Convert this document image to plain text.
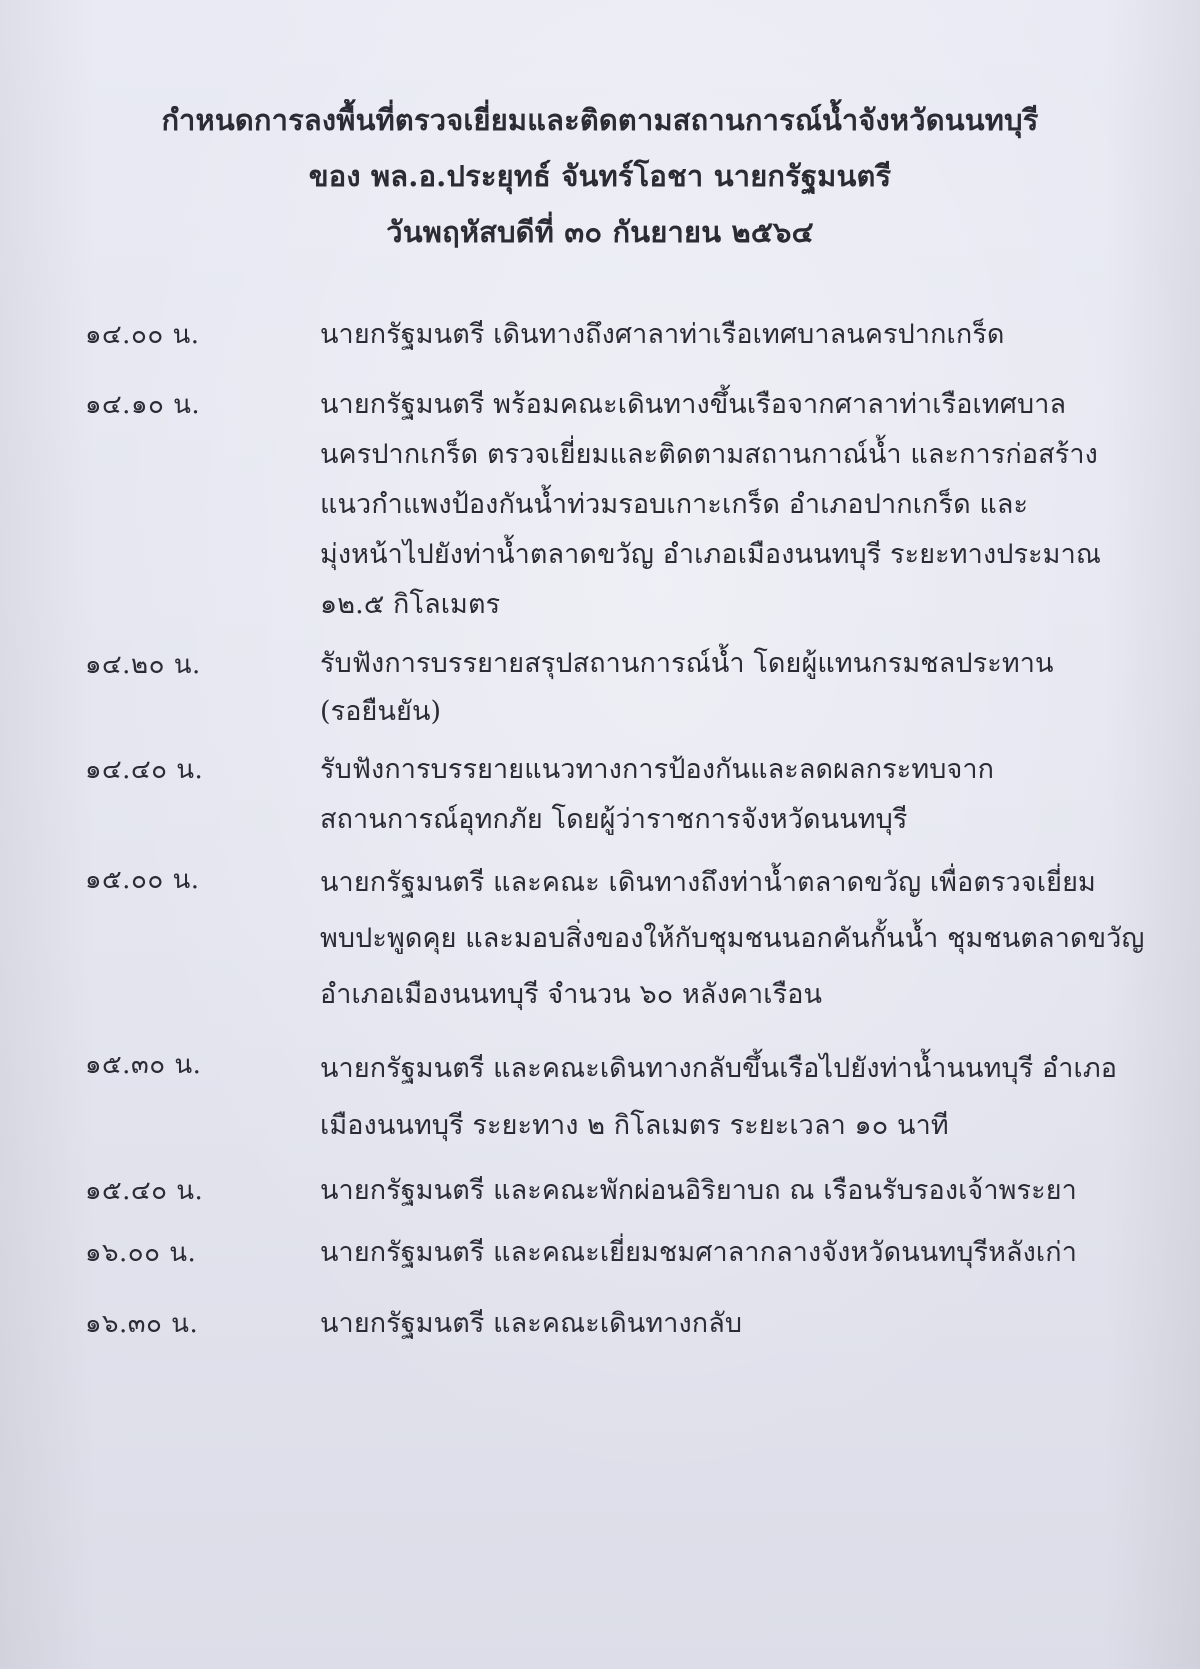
กำหนดการลงพื้นที่ตรวจเยี่ยมและติดตามสถานการณ์น้ำจังหวัดนนทบุรี
ของ พล.อ.ประยุทธ์ จันทร์โอชา นายกรัฐมนตรี
วันพฤหัสบดีที่ ๓๐ กันยายน ๒๕๖๔
๑๔.๐๐ น.	นายกรัฐมนตรี เดินทางถึงศาลาท่าเรือเทศบาลนครปากเกร็ด
๑๔.๑๐ น.	นายกรัฐมนตรี พร้อมคณะเดินทางขึ้นเรือจากศาลาท่าเรือเทศบาล
นครปากเกร็ด ตรวจเยี่ยมและติดตามสถานกาณ์น้ำ และการก่อสร้าง
แนวกำแพงป้องกันน้ำท่วมรอบเกาะเกร็ด อำเภอปากเกร็ด และ
มุ่งหน้าไปยังท่าน้ำตลาดขวัญ อำเภอเมืองนนทบุรี ระยะทางประมาณ
๑๒.๕ กิโลเมตร
๑๔.๒๐ น.	รับฟังการบรรยายสรุปสถานการณ์น้ำ โดยผู้แทนกรมชลประทาน
(รอยืนยัน)
๑๔.๔๐ น.	รับฟังการบรรยายแนวทางการป้องกันและลดผลกระทบจาก
สถานการณ์อุทกภัย โดยผู้ว่าราชการจังหวัดนนทบุรี
๑๕.๐๐ น.	นายกรัฐมนตรี และคณะ เดินทางถึงท่าน้ำตลาดขวัญ เพื่อตรวจเยี่ยม
พบปะพูดคุย และมอบสิ่งของให้กับชุมชนนอกคันกั้นน้ำ ชุมชนตลาดขวัญ
อำเภอเมืองนนทบุรี จำนวน ๖๐ หลังคาเรือน
๑๕.๓๐ น.	นายกรัฐมนตรี และคณะเดินทางกลับขึ้นเรือไปยังท่าน้ำนนทบุรี อำเภอ
เมืองนนทบุรี ระยะทาง ๒ กิโลเมตร ระยะเวลา ๑๐ นาที
๑๕.๔๐ น.	นายกรัฐมนตรี และคณะพักผ่อนอิริยาบถ ณ เรือนรับรองเจ้าพระยา
๑๖.๐๐ น.	นายกรัฐมนตรี และคณะเยี่ยมชมศาลากลางจังหวัดนนทบุรีหลังเก่า
๑๖.๓๐ น.	นายกรัฐมนตรี และคณะเดินทางกลับ
